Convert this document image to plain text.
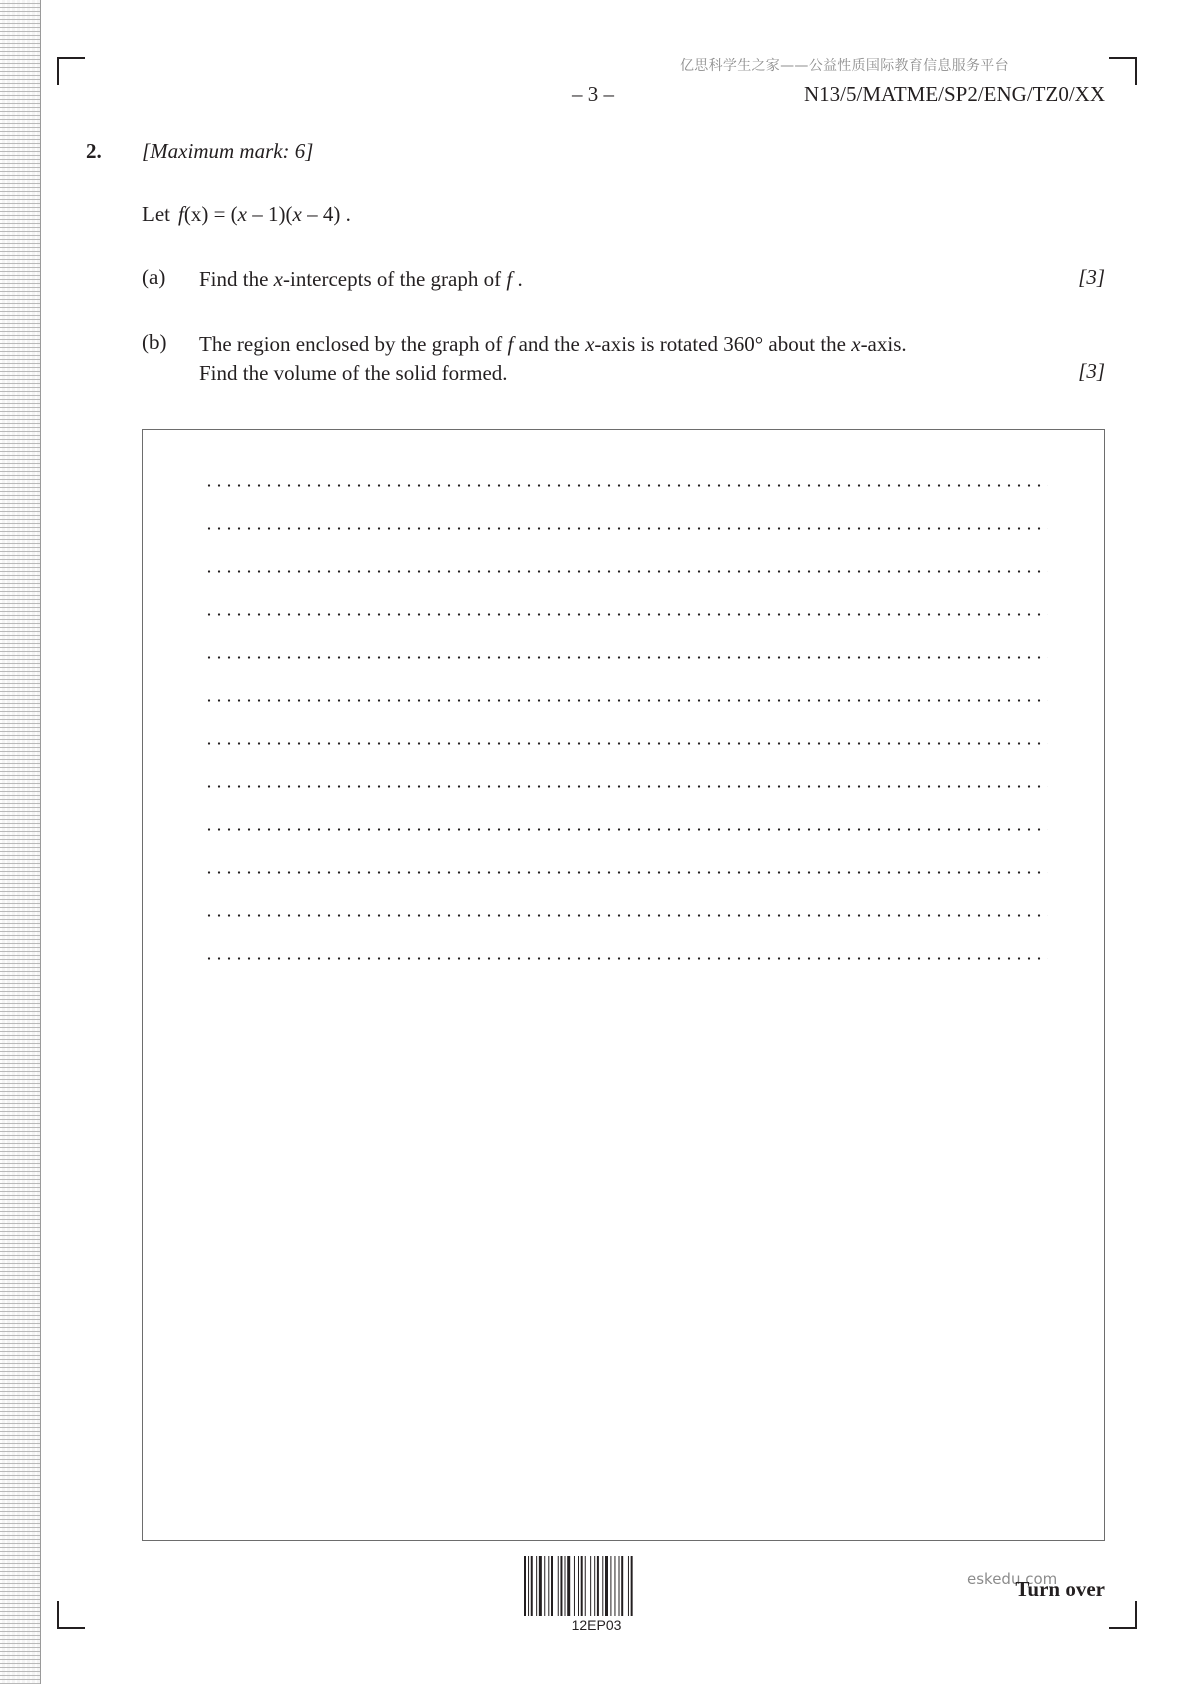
亿思科学生之家——公益性质国际教育信息服务平台
– 3 –	N13/5/MATME/SP2/ENG/TZ0/XX
2. [Maximum mark: 6]
Let f(x) = (x – 1)(x – 4) .
(a) Find the x-intercepts of the graph of f .	[3]
(b) The region enclosed by the graph of f and the x-axis is rotated 360° about the x-axis.
Find the volume of the solid formed.	[3]
12EP03
eskedu.com
Turn over
